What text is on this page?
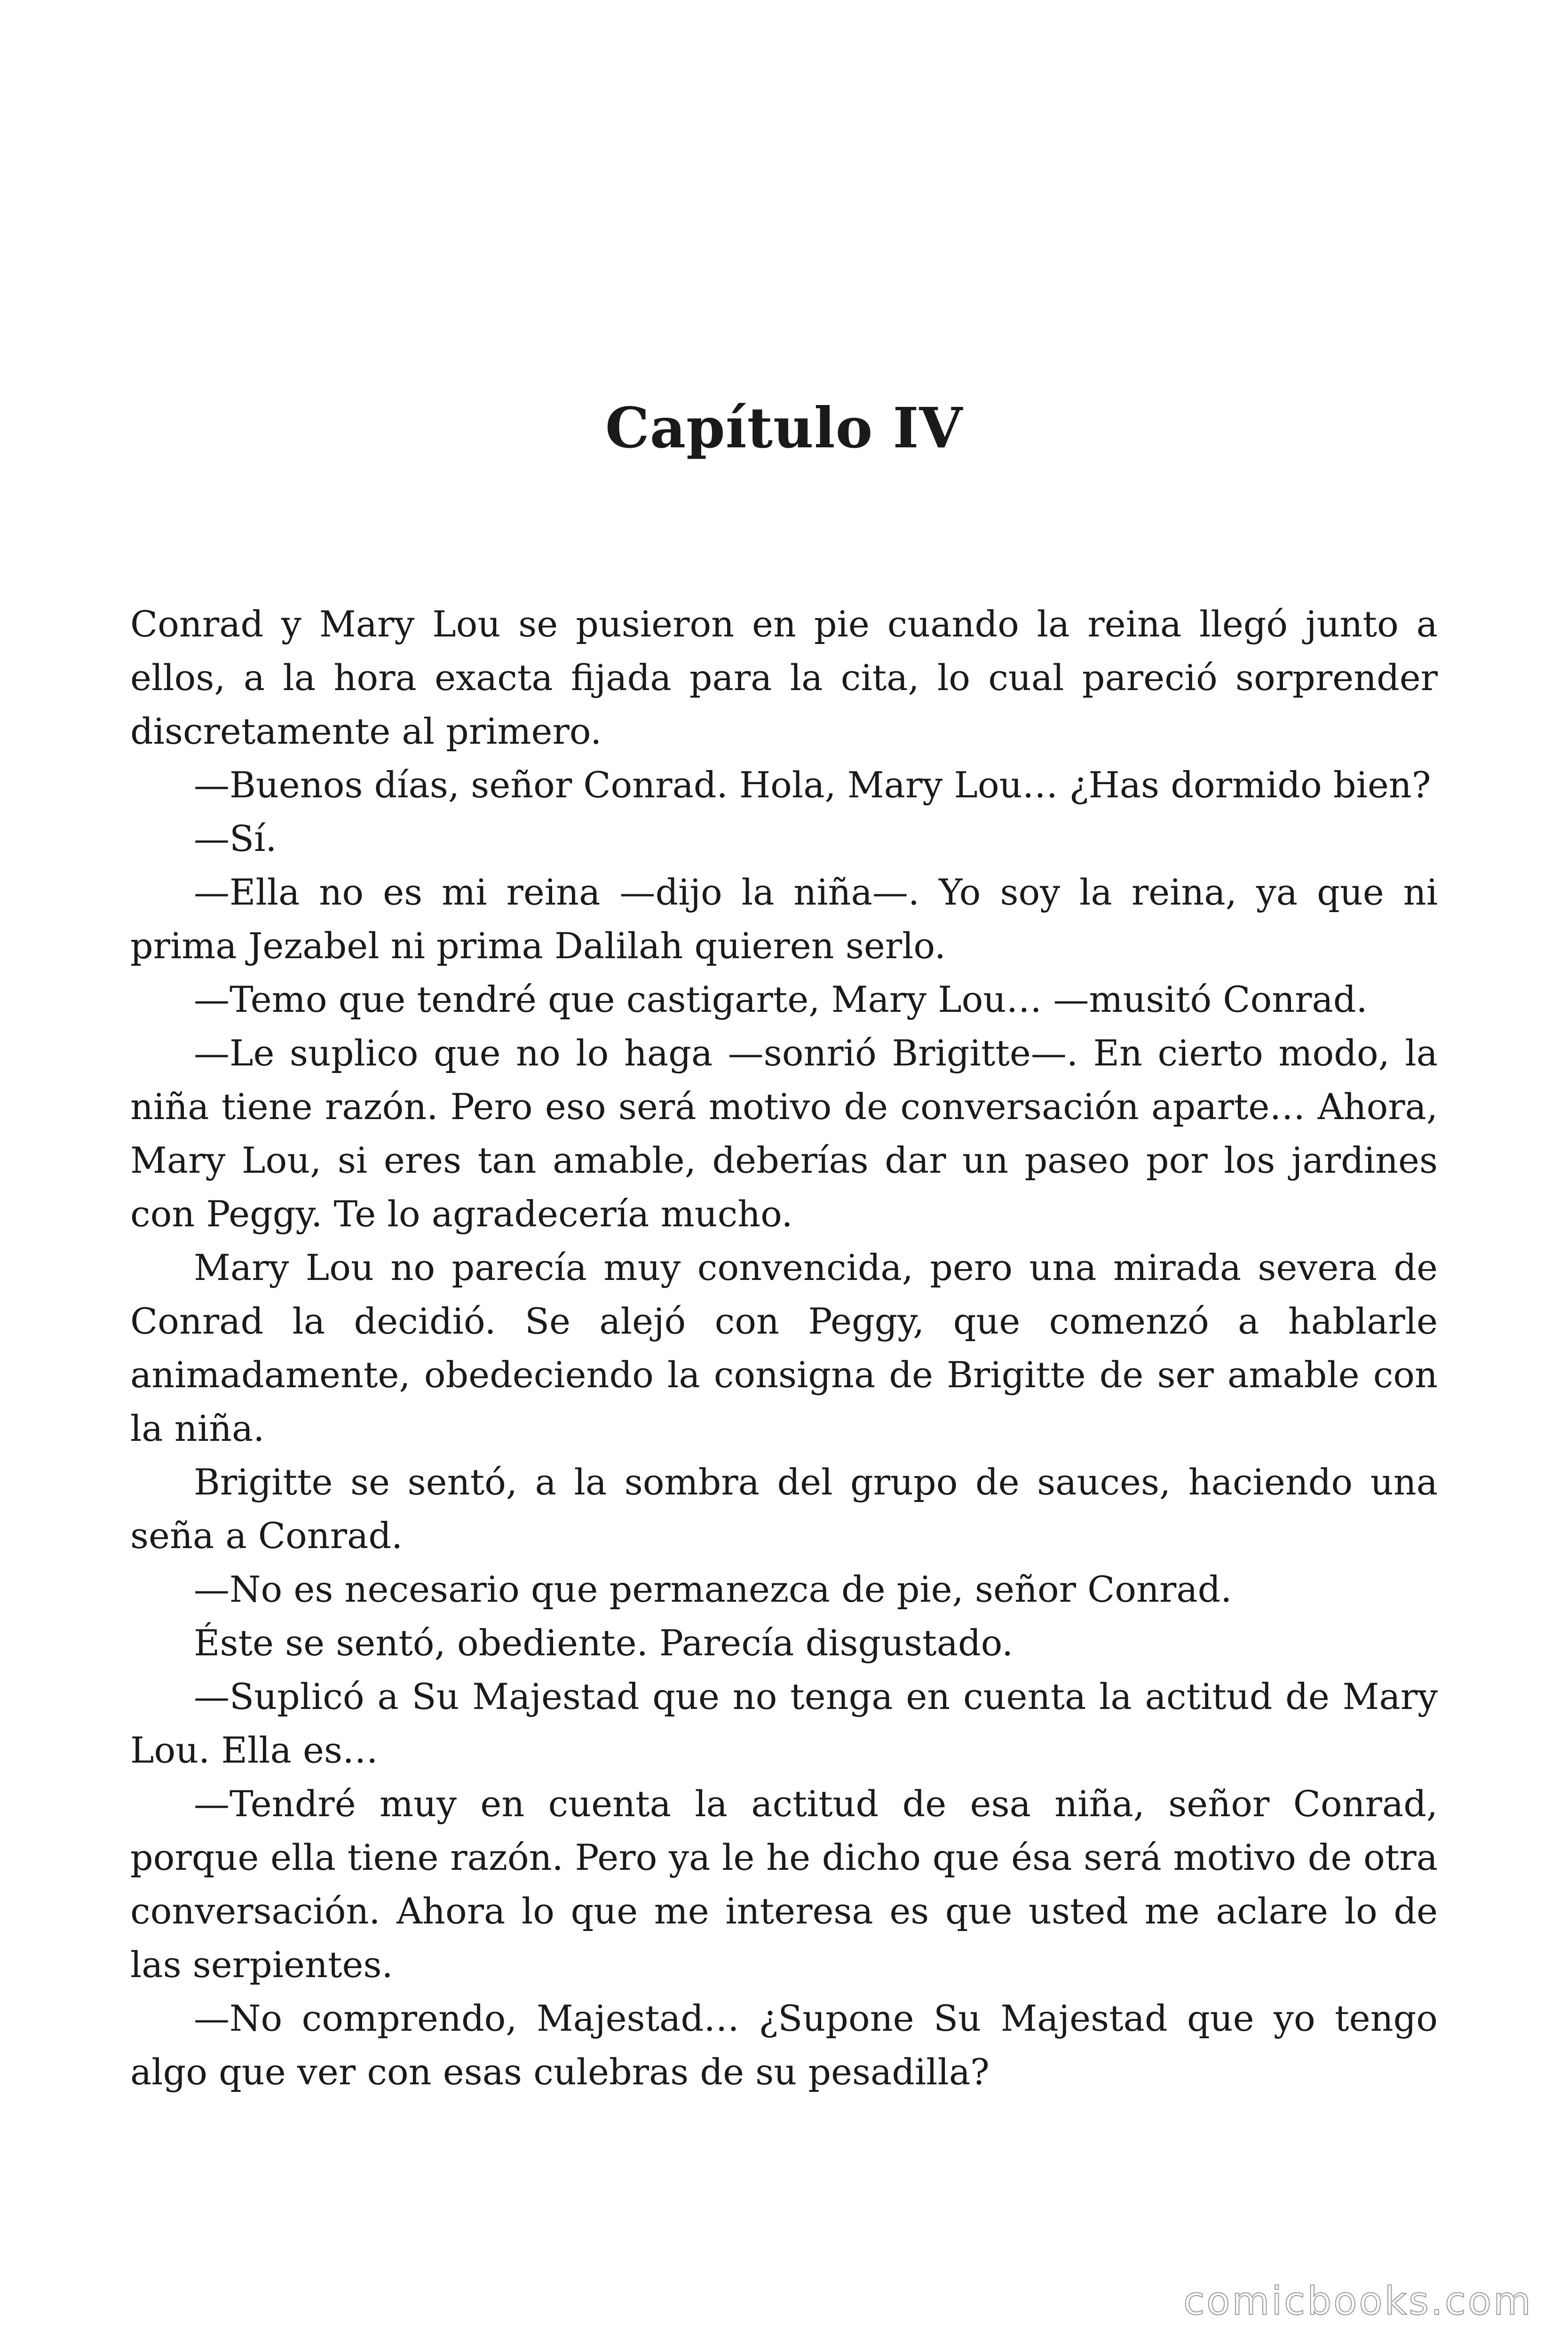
Capítulo IV

Conrad y Mary Lou se pusieron en pie cuando la reina llegó junto a ellos, a la hora exacta fijada para la cita, lo cual pareció sorprender discretamente al primero.

—Buenos días, señor Conrad. Hola, Mary Lou… ¿Has dormido bien?

—Sí.

—Ella no es mi reina —dijo la niña—. Yo soy la reina, ya que ni prima Jezabel ni prima Dalilah quieren serlo.

—Temo que tendré que castigarte, Mary Lou… —musitó Conrad.

—Le suplico que no lo haga —sonrió Brigitte—. En cierto modo, la niña tiene razón. Pero eso será motivo de conversación aparte… Ahora, Mary Lou, si eres tan amable, deberías dar un paseo por los jardines con Peggy. Te lo agradecería mucho.

Mary Lou no parecía muy convencida, pero una mirada severa de Conrad la decidió. Se alejó con Peggy, que comenzó a hablarle animadamente, obedeciendo la consigna de Brigitte de ser amable con la niña.

Brigitte se sentó, a la sombra del grupo de sauces, haciendo una seña a Conrad.

—No es necesario que permanezca de pie, señor Conrad.

Éste se sentó, obediente. Parecía disgustado.

—Suplicó a Su Majestad que no tenga en cuenta la actitud de Mary Lou. Ella es…

—Tendré muy en cuenta la actitud de esa niña, señor Conrad, porque ella tiene razón. Pero ya le he dicho que ésa será motivo de otra conversación. Ahora lo que me interesa es que usted me aclare lo de las serpientes.

—No comprendo, Majestad… ¿Supone Su Majestad que yo tengo algo que ver con esas culebras de su pesadilla?

comicbooks.com
